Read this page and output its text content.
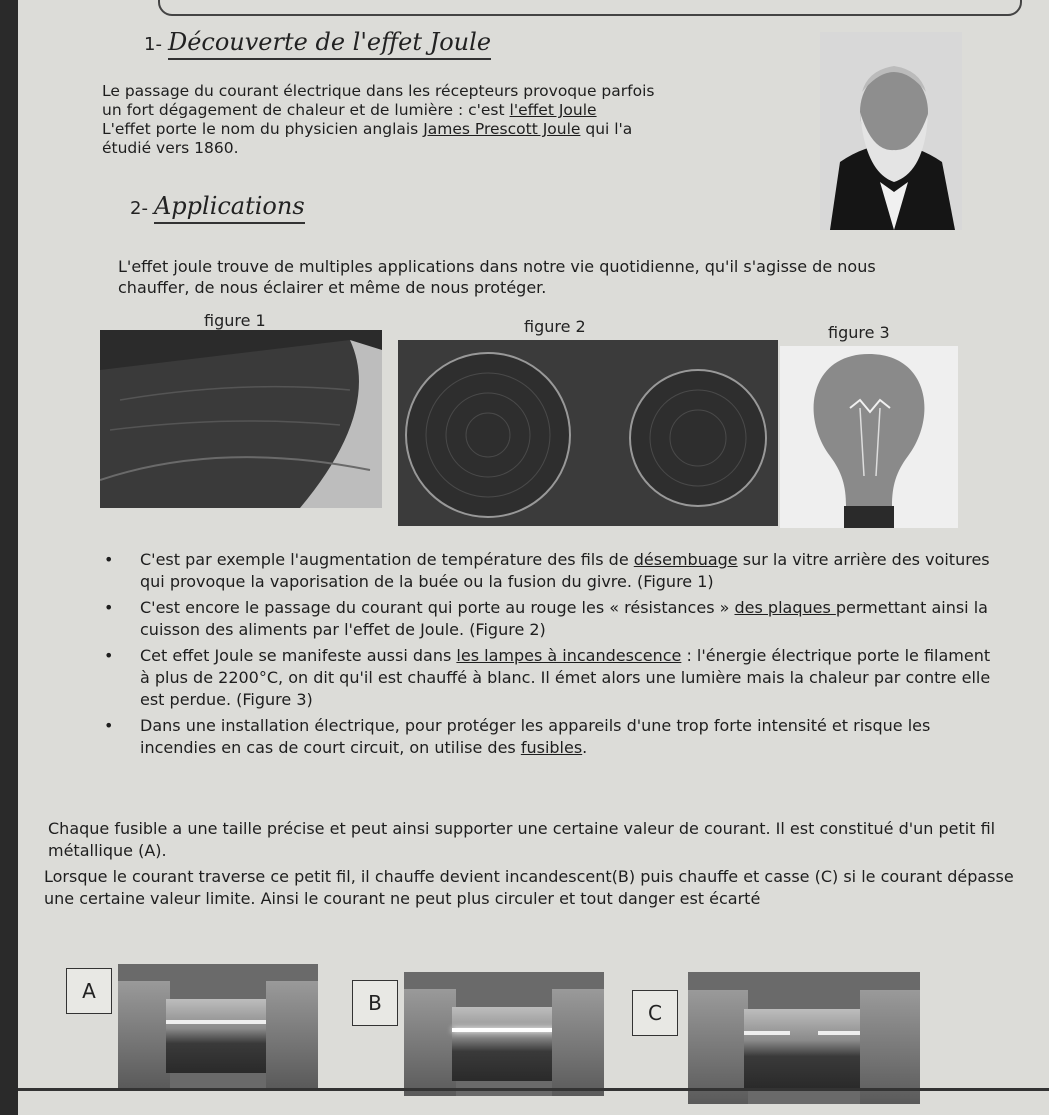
1- Découverte de l'effet Joule
Le passage du courant électrique dans les récepteurs provoque parfois
un fort dégagement de chaleur et de lumière : c'est l'effet Joule
L'effet porte le nom du physicien anglais James Prescott Joule qui l'a
étudié vers 1860.
2- Applications
L'effet joule trouve de multiples applications dans notre vie quotidienne, qu'il s'agisse de nous
chauffer, de nous éclairer et même de nous protéger.
figure 1	figure 2	figure 3
• C'est par exemple l'augmentation de température des fils de désembuage sur la vitre arrière des voitures qui provoque la vaporisation de la buée ou la fusion du givre. (Figure 1)
• C'est encore le passage du courant qui porte au rouge les « résistances » des plaques permettant ainsi la cuisson des aliments par l'effet de Joule. (Figure 2)
• Cet effet Joule se manifeste aussi dans les lampes à incandescence : l'énergie électrique porte le filament à plus de 2200°C, on dit qu'il est chauffé à blanc. Il émet alors une lumière mais la chaleur par contre elle est perdue. (Figure 3)
• Dans une installation électrique, pour protéger les appareils d'une trop forte intensité et risque les incendies en cas de court circuit, on utilise des fusibles.
Chaque fusible a une taille précise et peut ainsi supporter une certaine valeur de courant. Il est constitué d'un petit fil métallique (A).
Lorsque le courant traverse ce petit fil, il chauffe devient incandescent(B) puis chauffe et casse (C) si le courant dépasse une certaine valeur limite. Ainsi le courant ne peut plus circuler et tout danger est écarté
A	B	C
